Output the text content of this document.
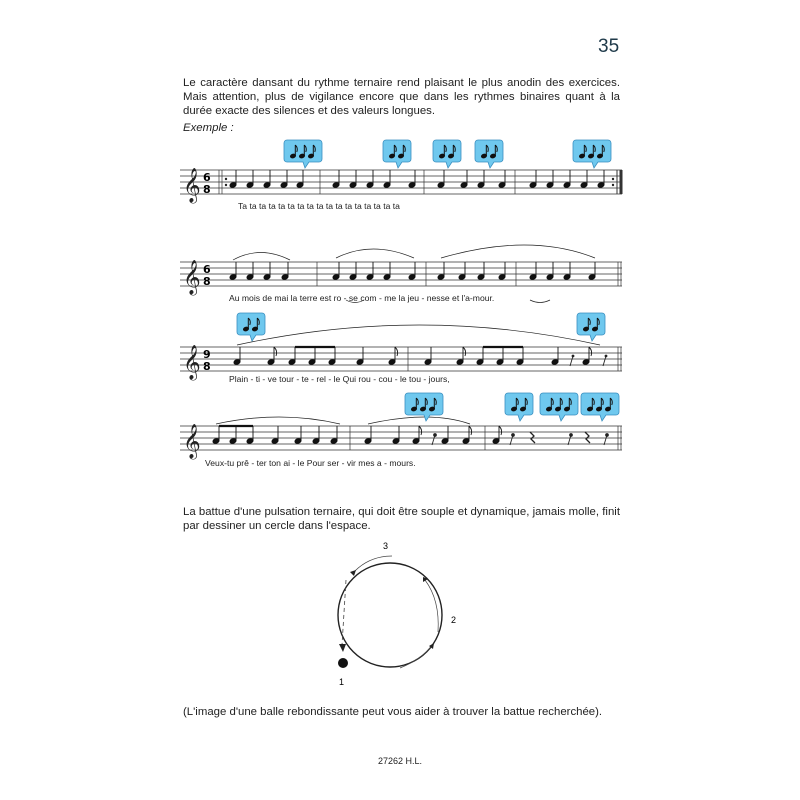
35
Le caractère dansant du rythme ternaire rend plaisant le plus anodin des exercices. Mais attention, plus de vigilance encore que dans les rythmes binaires quant à la durée exacte des silences et des valeurs longues.
Exemple :
𝄞 6
8
𝄞 6
8
𝄞 9
8
𝄞
1
2
3
Ta ta ta ta ta ta ta ta ta ta ta ta ta ta ta ta ta
Au mois de mai la terre est ro - se com - me la jeu - nesse et l'a-mour.
Plain - ti - ve tour - te - rel - le Qui rou - cou - le tou - jours,
Veux-tu prê - ter ton ai - le Pour ser - vir mes a - mours.
La battue d'une pulsation ternaire, qui doit être souple et dynamique, jamais molle, finit par dessiner un cercle dans l'espace.
(L'image d'une balle rebondissante peut vous aider à trouver la battue recherchée).
27262 H.L.
